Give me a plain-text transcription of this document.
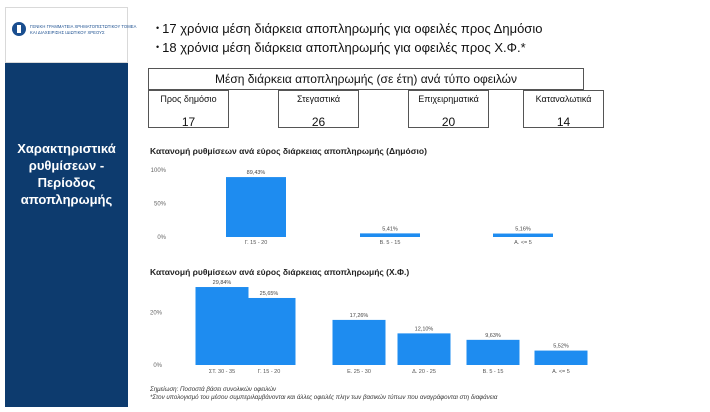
ΓΕΝΙΚΗ ΓΡΑΜΜΑΤΕΙΑ ΧΡΗΜΑΤΟΠΙΣΤΩΤΙΚΟΥ ΤΟΜΕΑ
ΚΑΙ ΔΙΑΧΕΙΡΙΣΗΣ ΙΔΙΩΤΙΚΟΥ ΧΡΕΟΥΣ
Χαρακτηριστικά
ρυθμίσεων -
Περίοδος
αποπληρωμής
• 17 χρόνια μέση διάρκεια αποπληρωμής για οφειλές προς Δημόσιο
• 18 χρόνια μέση διάρκεια αποπληρωμής για οφειλές προς Χ.Φ.*
Μέση διάρκεια αποπληρωμής (σε έτη) ανά τύπο οφειλών
Προς δημόσιο
17
Στεγαστικά
26
Επιχειρηματικά
20
Καταναλωτικά
14
Κατανομή ρυθμίσεων ανά εύρος διάρκειας αποπληρωμής (Δημόσιο)
Κατανομή ρυθμίσεων ανά εύρος διάρκειας αποπληρωμής (Χ.Φ.)
0%
50%
100%	89,43%
Γ. 15 - 20
5,41%
Β. 5 - 15
5,16%
Α. <= 5
0%
20%
29,84%
ΣΤ. 30 - 35
25,65%
Γ. 15 - 20
17,26%
Ε. 25 - 30
12,10%
Δ. 20 - 25
9,63%
Β. 5 - 15
5,52%
Α. <= 5
Σημείωση: Ποσοστά βάσει συνολικών οφειλών
*Στον υπολογισμό του μέσου συμπεριλαμβάνονται και άλλες οφειλές πλην των βασικών τύπων που αναγράφονται στη διαφάνεια
